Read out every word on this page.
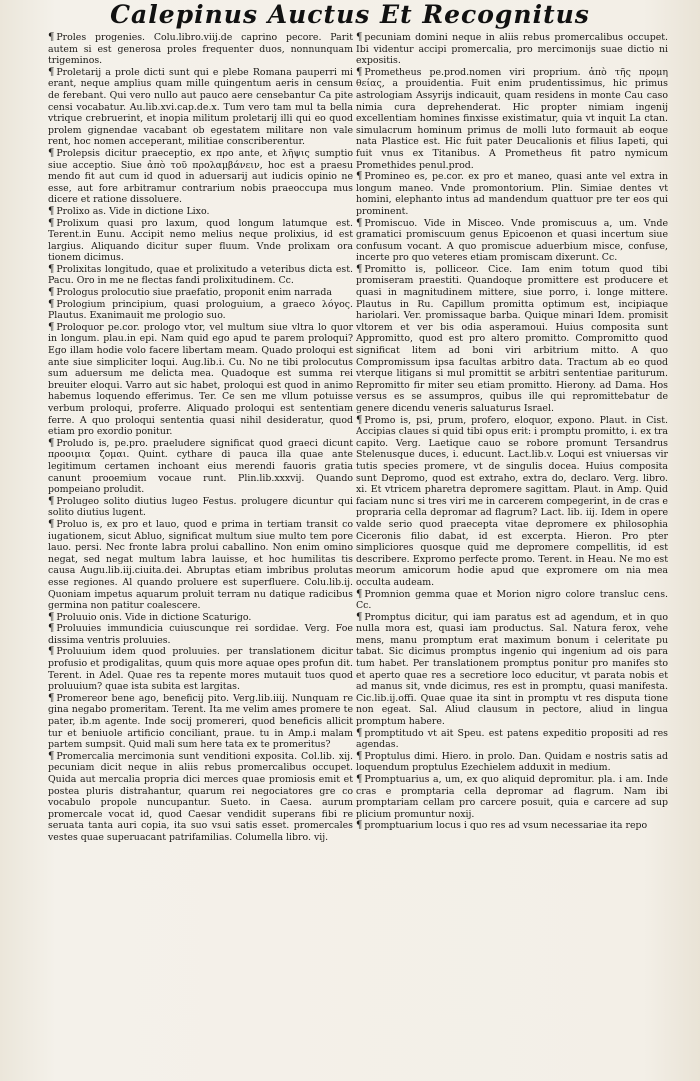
Calepinus Auctus Et Recognitus

¶ Proles progenies. Colu.libro.viij.de caprino pecore. Parit autem si est generosa proles frequenter duos, nonnunquam trigeminos.

¶ Proletarij a prole dicti sunt qui e plebe Romana pauperri mi erant, neque amplius quam mille quingentum aeris in censum de ferebant. Qui vero nullo aut pauco aere censebantur Ca pite censi vocabatur. Au.lib.xvi.cap.de.x. Tum vero tam mul ta bella vtrique crebruerint, et inopia militum proletarij illi qui eo quod prolem gignendae vacabant ob egestatem militare non vale rent, hoc nomen acceperant, militiae conscriberentur.

¶ Prolepsis dicitur praeceptio, ex προ ante, et λῆψις sumptio siue acceptio. Siue ἀπὸ τοῦ προλαμβάνειν, hoc est a praesu mendo fit aut cum id quod in aduersarij aut iudicis opinio ne esse, aut fore arbitramur contrarium nobis praeoccupa mus dicere et ratione dissoluere.

¶ Prolixo as. Vide in dictione Lixo.

¶ Prolixum quasi pro laxum, quod longum latumque est. Terent.in Eunu. Accipit nemo melius neque prolixius, id est largius. Aliquando dicitur super fluum. Vnde prolixam ora tionem dicimus.

¶ Prolixitas longitudo, quae et prolixitudo a veteribus dicta est. Pacu. Oro in me ne flectas fandi prolixitudinem. Cc.

¶ Prologus prolocutio siue praefatio, proponit enim narrada

¶ Prologium principium, quasi prologuium, a graeco λόγος. Plautus. Exanimauit me prologio suo.

¶ Proloquor pe.cor. prologo vtor, vel multum siue vltra lo quor in longum. plau.in epi. Nam quid ego apud te parem proloqui? Ego illam hodie volo facere libertam meam. Quado proloqui est ante siue simpliciter loqui. Aug.lib.i. Cu. No ne tibi prolocutus sum aduersum me delicta mea. Quadoque est summa rei breuiter eloqui. Varro aut sic habet, proloqui est quod in animo habemus loquendo efferimus. Ter. Ce sen me vllum potuisse verbum proloqui, proferre. Aliquado proloqui est sententiam ferre. A quo proloqui sententia quasi nihil desideratur, quod etiam pro exordio ponitur.

¶ Proludo is, pe.pro. praeludere significat quod graeci dicunt προοιμια ζομαι. Quint. cythare di pauca illa quae ante legitimum certamen inchoant eius merendi fauoris gratia canunt prooemium vocaue runt. Plin.lib.xxxvij. Quando pompeiano proludit.

¶ Prolugeo solito diutius lugeo Festus. prolugere dicuntur qui solito diutius lugent.

¶ Proluo is, ex pro et lauo, quod e prima in tertiam transit co iugationem, sicut Abluo, significat multum siue multo tem pore lauo. persi. Nec fronte labra prolui caballino. Non enim omino negat, sed negat multum labra lauisse, et hoc humilitas tis causa Augu.lib.iij.ciuita.dei. Abruptas etiam imbribus prolutas esse regiones. Al quando proluere est superfluere. Colu.lib.ij. Quoniam impetus aquarum proluit terram nu datique radicibus germina non patitur coalescere.

¶ Proluuio onis. Vide in dictione Scaturigo.

¶ Proluuies immundicia cuiuscunque rei sordidae. Verg. Foe dissima ventris proluuies.

¶ Proluuium idem quod proluuies. per translationem dicitur profusio et prodigalitas, quum quis more aquae opes profun dit. Terent. in Adel. Quae res ta repente mores mutauit tuos quod proluuium? quae ista subita est largitas.

¶ Promereor bene ago, beneficij pito. Verg.lib.iiij. Nunquam re gina negabo promeritam. Terent. Ita me velim ames promere te pater, ib.m agente. Inde socij promereri, quod beneficis allicit tur et beniuole artificio conciliant, praue. tu in Amp.i malam partem sumpsit. Quid mali sum here tata ex te promeritus?

¶ Promercalia mercimonia sunt venditioni exposita. Col.lib. xij. pecuniam dicit neque in aliis rebus promercalibus occupet. Quida aut mercalia propria dici merces quae promiosis emit et postea pluris distrahantur, quarum rei negociatores gre co vocabulo propole nuncupantur. Sueto. in Caesa. aurum promercale vocat id, quod Caesar vendidit superans fibi re seruata tanta auri copia, ita suo vsui satis esset. promercales vestes quae superuacant patrifamilias. Columella libro. vij.

¶ pecuniam domini neque in aliis rebus promercalibus occupet. Ibi videntur accipi promercalia, pro mercimonijs suae dictio ni expositis.

¶ Prometheus pe.prod.nomen viri proprium. ἀπὸ τῆς προμη θείας, a prouidentia. Fuit enim prudentissimus, hic primus astrologiam Assyrijs indicauit, quam residens in monte Cau caso nimia cura deprehenderat. Hic propter nimiam ingenij excellentiam homines finxisse existimatur, quia vt inquit La ctan. simulacrum hominum primus de molli luto formauit ab eoque nata Plastice est. Hic fuit pater Deucalionis et filius Iapeti, qui fuit vnus ex Titanibus. A Prometheus fit patro nymicum Promethides penul.prod.

¶ Promineo es, pe.cor. ex pro et maneo, quasi ante vel extra in longum maneo. Vnde promontorium. Plin. Simiae dentes vt homini, elephanto intus ad mandendum quattuor pre ter eos qui prominent.

¶ Promiscuo. Vide in Misceo. Vnde promiscuus a, um. Vnde gramatici promiscuum genus Epicoenon et quasi incertum siue confusum vocant. A quo promiscue aduerbium misce, confuse, incerte pro quo veteres etiam promiscam dixerunt. Cc.

¶ Promitto is, polliceor. Cice. Iam enim totum quod tibi promiseram praestiti. Quandoque promittere est producere et quasi in magnitudinem mittere, siue porro, i. longe mittere. Plautus in Ru. Capillum promitta optimum est, incipiaque hariolari. Ver. promissaque barba. Quique minari Idem. promisit vltorem et ver bis odia asperamoui. Huius composita sunt Appromitto, quod est pro altero promitto. Compromitto quod significat litem ad boni viri arbitrium mitto. A quo Compromissum ipsa facultas arbitro data. Tractum ab eo quod vterque litigans si mul promittit se arbitri sententiae pariturum. Repromitto fir miter seu etiam promitto. Hierony. ad Dama. Hos versus es se assumpros, quibus ille qui repromittebatur de genere dicendu veneris saluaturus Israel.

¶ Promo is, psi, prum, profero, eloquor, expono. Plaut. in Cist. Accipias claues si quid tibi opus erit: i promptu promitto, i. ex tra capito. Verg. Laetique cauo se robore promunt Tersandrus Stelenusque duces, i. educunt. Lact.lib.v. Loqui est vniuersas vir tutis species promere, vt de singulis docea. Huius composita sunt Depromo, quod est extraho, extra do, declaro. Verg. libro. xi. Et vtricem pharetra depromere sagittam. Plaut. in Amp. Quid faciam nunc si tres viri me in carcerem compegerint, in de cras e propraria cella depromar ad flagrum? Lact. lib. iij. Idem in opere valde serio quod praecepta vitae depromere ex philosophia Ciceronis filio dabat, id est excerpta. Hieron. Pro pter simpliciores quosque quid me depromere compellitis, id est describere. Expromo perfecte promo. Terent. in Heau. Ne mo est meorum amicorum hodie apud que expromere om nia mea occulta audeam.

¶ Promnion gemma quae et Morion nigro colore transluc cens. Cc.

¶ Promptus dicitur, qui iam paratus est ad agendum, et in quo nulla mora est, quasi iam productus. Sal. Natura ferox, vehe mens, manu promptum erat maximum bonum i celeritate pu tabat. Sic dicimus promptus ingenio qui ingenium ad ois para tum habet. Per translationem promptus ponitur pro manifes sto et aperto quae res a secretiore loco educitur, vt parata nobis et ad manus sit, vnde dicimus, res est in promptu, quasi manifesta. Cic.lib.ij.offi. Quae quae ita sint in promptu vt res disputa tione non egeat. Sal. Aliud clausum in pectore, aliud in lingua promptum habere.

¶ promptitudo vt ait Speu. est patens expeditio propositi ad res agendas.

¶ Proptulus dimi. Hiero. in prolo. Dan. Quidam e nostris satis ad loquendum proptulus Ezechielem adduxit in medium.

¶ Promptuarius a, um, ex quo aliquid depromitur. pla. i am. Inde cras e promptaria cella depromar ad flagrum. Nam ibi promptariam cellam pro carcere posuit, quia e carcere ad sup plicium promuntur noxij.

¶ promptuarium locus i quo res ad vsum necessariae ita repo
